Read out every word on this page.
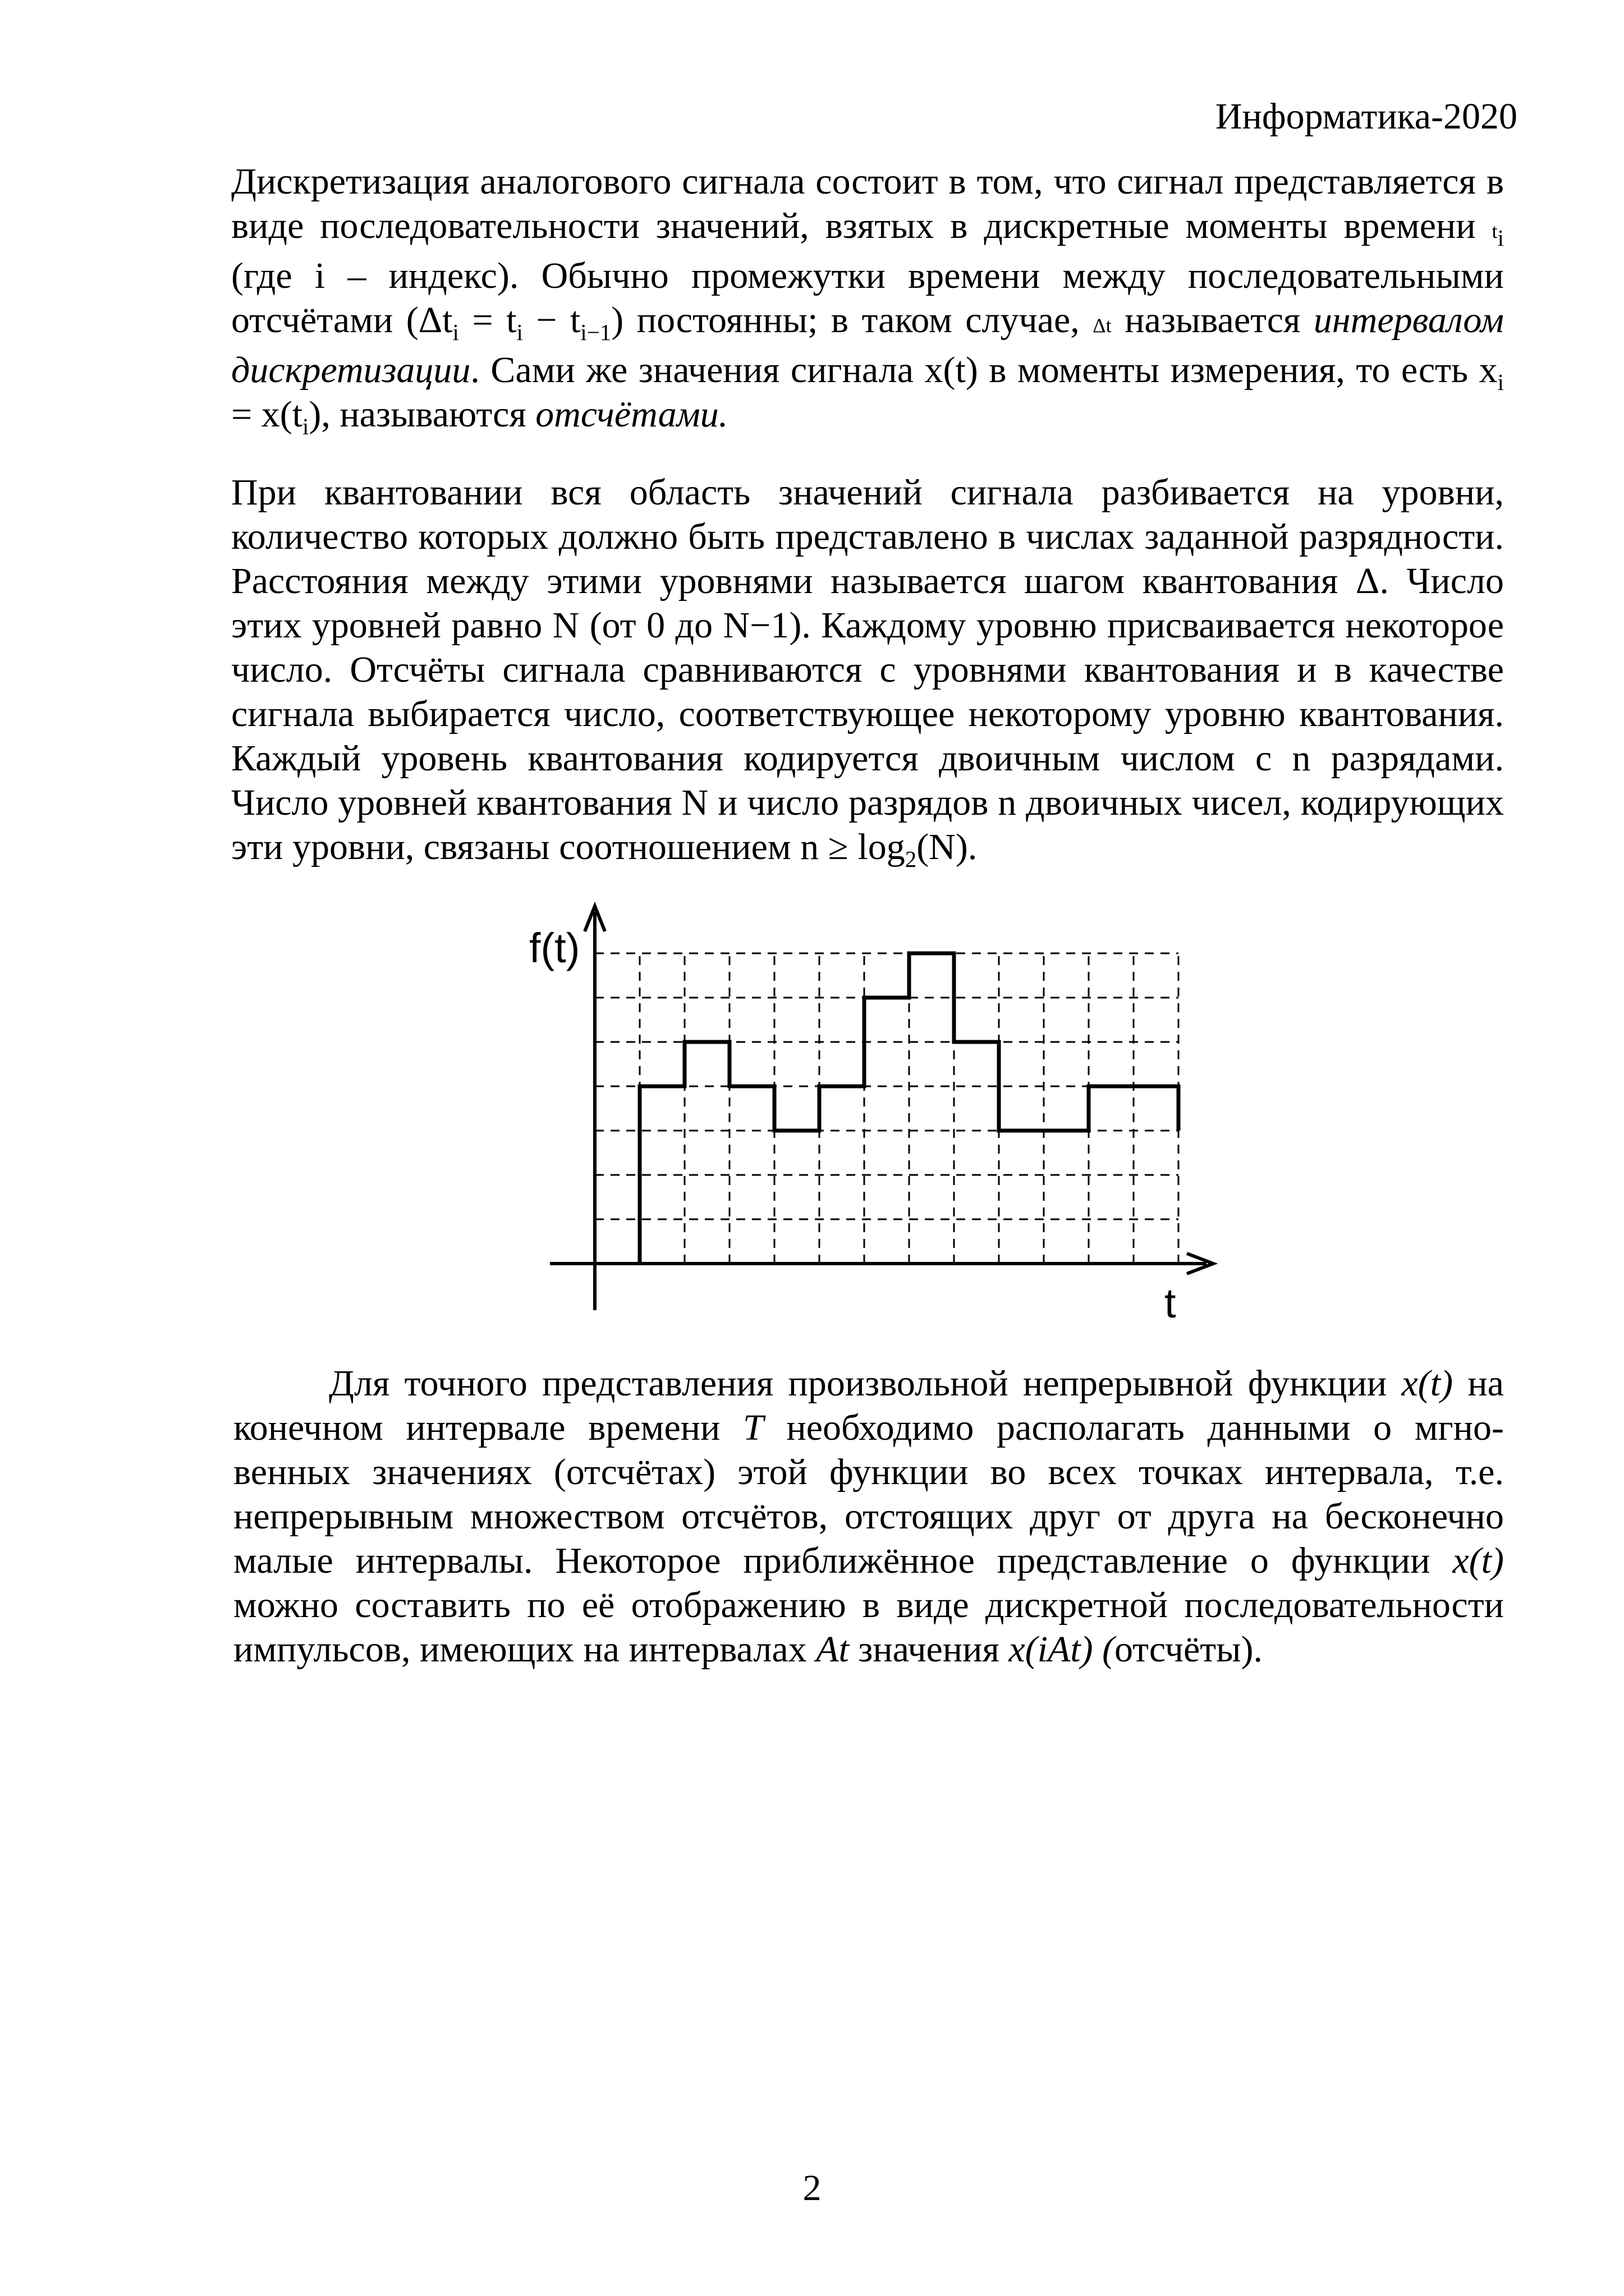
Информатика-2020

Дискретизация аналогового сигнала состоит в том, что сигнал представляется в виде последовательности значений, взятых в дискретные моменты времени $t_i$ (где i – индекс). Обычно промежутки времени между последовательными отсчётами $(\Delta t_i = t_i - t_{i-1})$ постоянны; в таком случае, Δt называется интервалом дискретизации. Сами же значения сигнала x(t) в моменты измерения, то есть $x_i = x(t_i)$, называются отсчётами.

При квантовании вся область значений сигнала разбивается на уровни, количество которых должно быть представлено в числах заданной разрядности. Расстояния между этими уровнями называется шагом квантования Δ. Число этих уровней равно N (от 0 до N−1). Каждому уровню присваивается некоторое число. Отсчёты сигнала сравниваются с уровнями квантования и в качестве сигнала выбирается число, соответствующее некоторому уровню квантования. Каждый уровень квантования кодируется двоичным числом с n разрядами. Число уровней квантования N и число разрядов n двоичных чисел, кодирующих эти уровни, связаны соотношением $n \ge \log_2(N)$.

f(t)
t

Для точного представления произвольной непрерывной функции x(t) на конечном интервале времени T необходимо располагать данными о мгно-венных значениях (отсчётах) этой функции во всех точках интервала, т.е. непрерывным множеством отсчётов, отстоящих друг от друга на бесконечно малые интервалы. Некоторое приближённое представление о функции x(t) можно составить по её отображению в виде дискретной последовательности импульсов, имеющих на интервалах At значения x(iAt) (отсчёты).

2
